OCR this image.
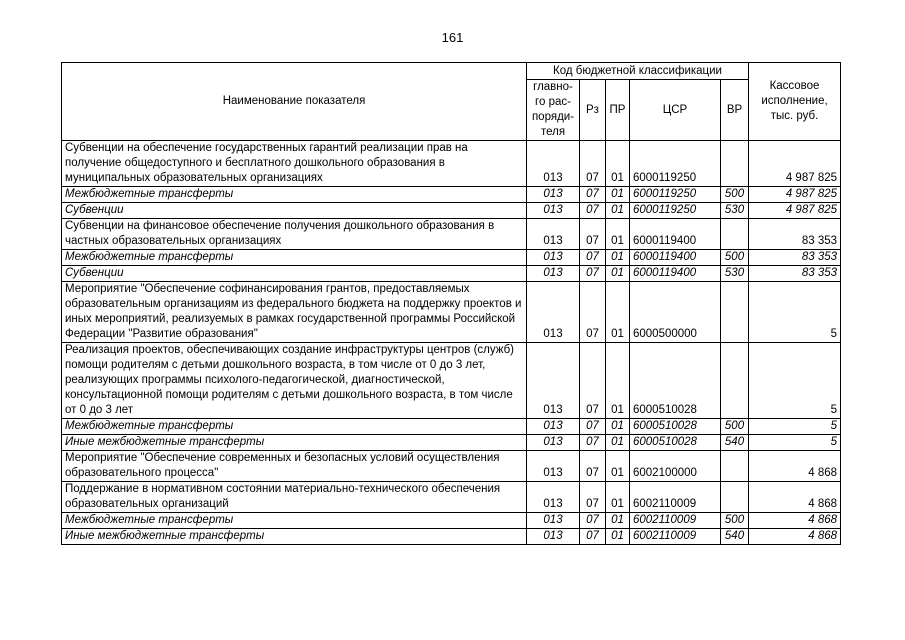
161
Наименование показателя	Код бюджетной классификации					Кассовое
исполнение,
тыс. руб.
	главно-
го рас-
поряди-
теля	Рз	ПР	ЦСР	ВР	
Субвенции на обеспечение государственных гарантий реализации прав на получение общедоступного и бесплатного дошкольного образования в муниципальных образовательных организациях	013	07	01	6000119250		4 987 825
Межбюджетные трансферты	013	07	01	6000119250	500	4 987 825
Субвенции	013	07	01	6000119250	530	4 987 825
Субвенции на финансовое обеспечение получения дошкольного образования в частных образовательных организациях	013	07	01	6000119400		83 353
Межбюджетные трансферты	013	07	01	6000119400	500	83 353
Субвенции	013	07	01	6000119400	530	83 353
Мероприятие "Обеспечение софинансирования грантов, предоставляемых образовательным организациям из федерального бюджета на поддержку проектов и иных мероприятий, реализуемых в рамках государственной программы Российской Федерации "Развитие образования"	013	07	01	6000500000		5
Реализация проектов, обеспечивающих создание инфраструктуры центров (служб) помощи родителям с детьми дошкольного возраста, в том числе от 0 до 3 лет, реализующих программы психолого-педагогической, диагностической, консультационной помощи родителям с детьми дошкольного возраста, в том числе от 0 до 3 лет	013	07	01	6000510028		5
Межбюджетные трансферты	013	07	01	6000510028	500	5
Иные межбюджетные трансферты	013	07	01	6000510028	540	5
Мероприятие "Обеспечение современных и безопасных условий осуществления образовательного процесса"	013	07	01	6002100000		4 868
Поддержание в нормативном состоянии материально-технического обеспечения образовательных организаций	013	07	01	6002110009		4 868
Межбюджетные трансферты	013	07	01	6002110009	500	4 868
Иные межбюджетные трансферты	013	07	01	6002110009	540	4 868
